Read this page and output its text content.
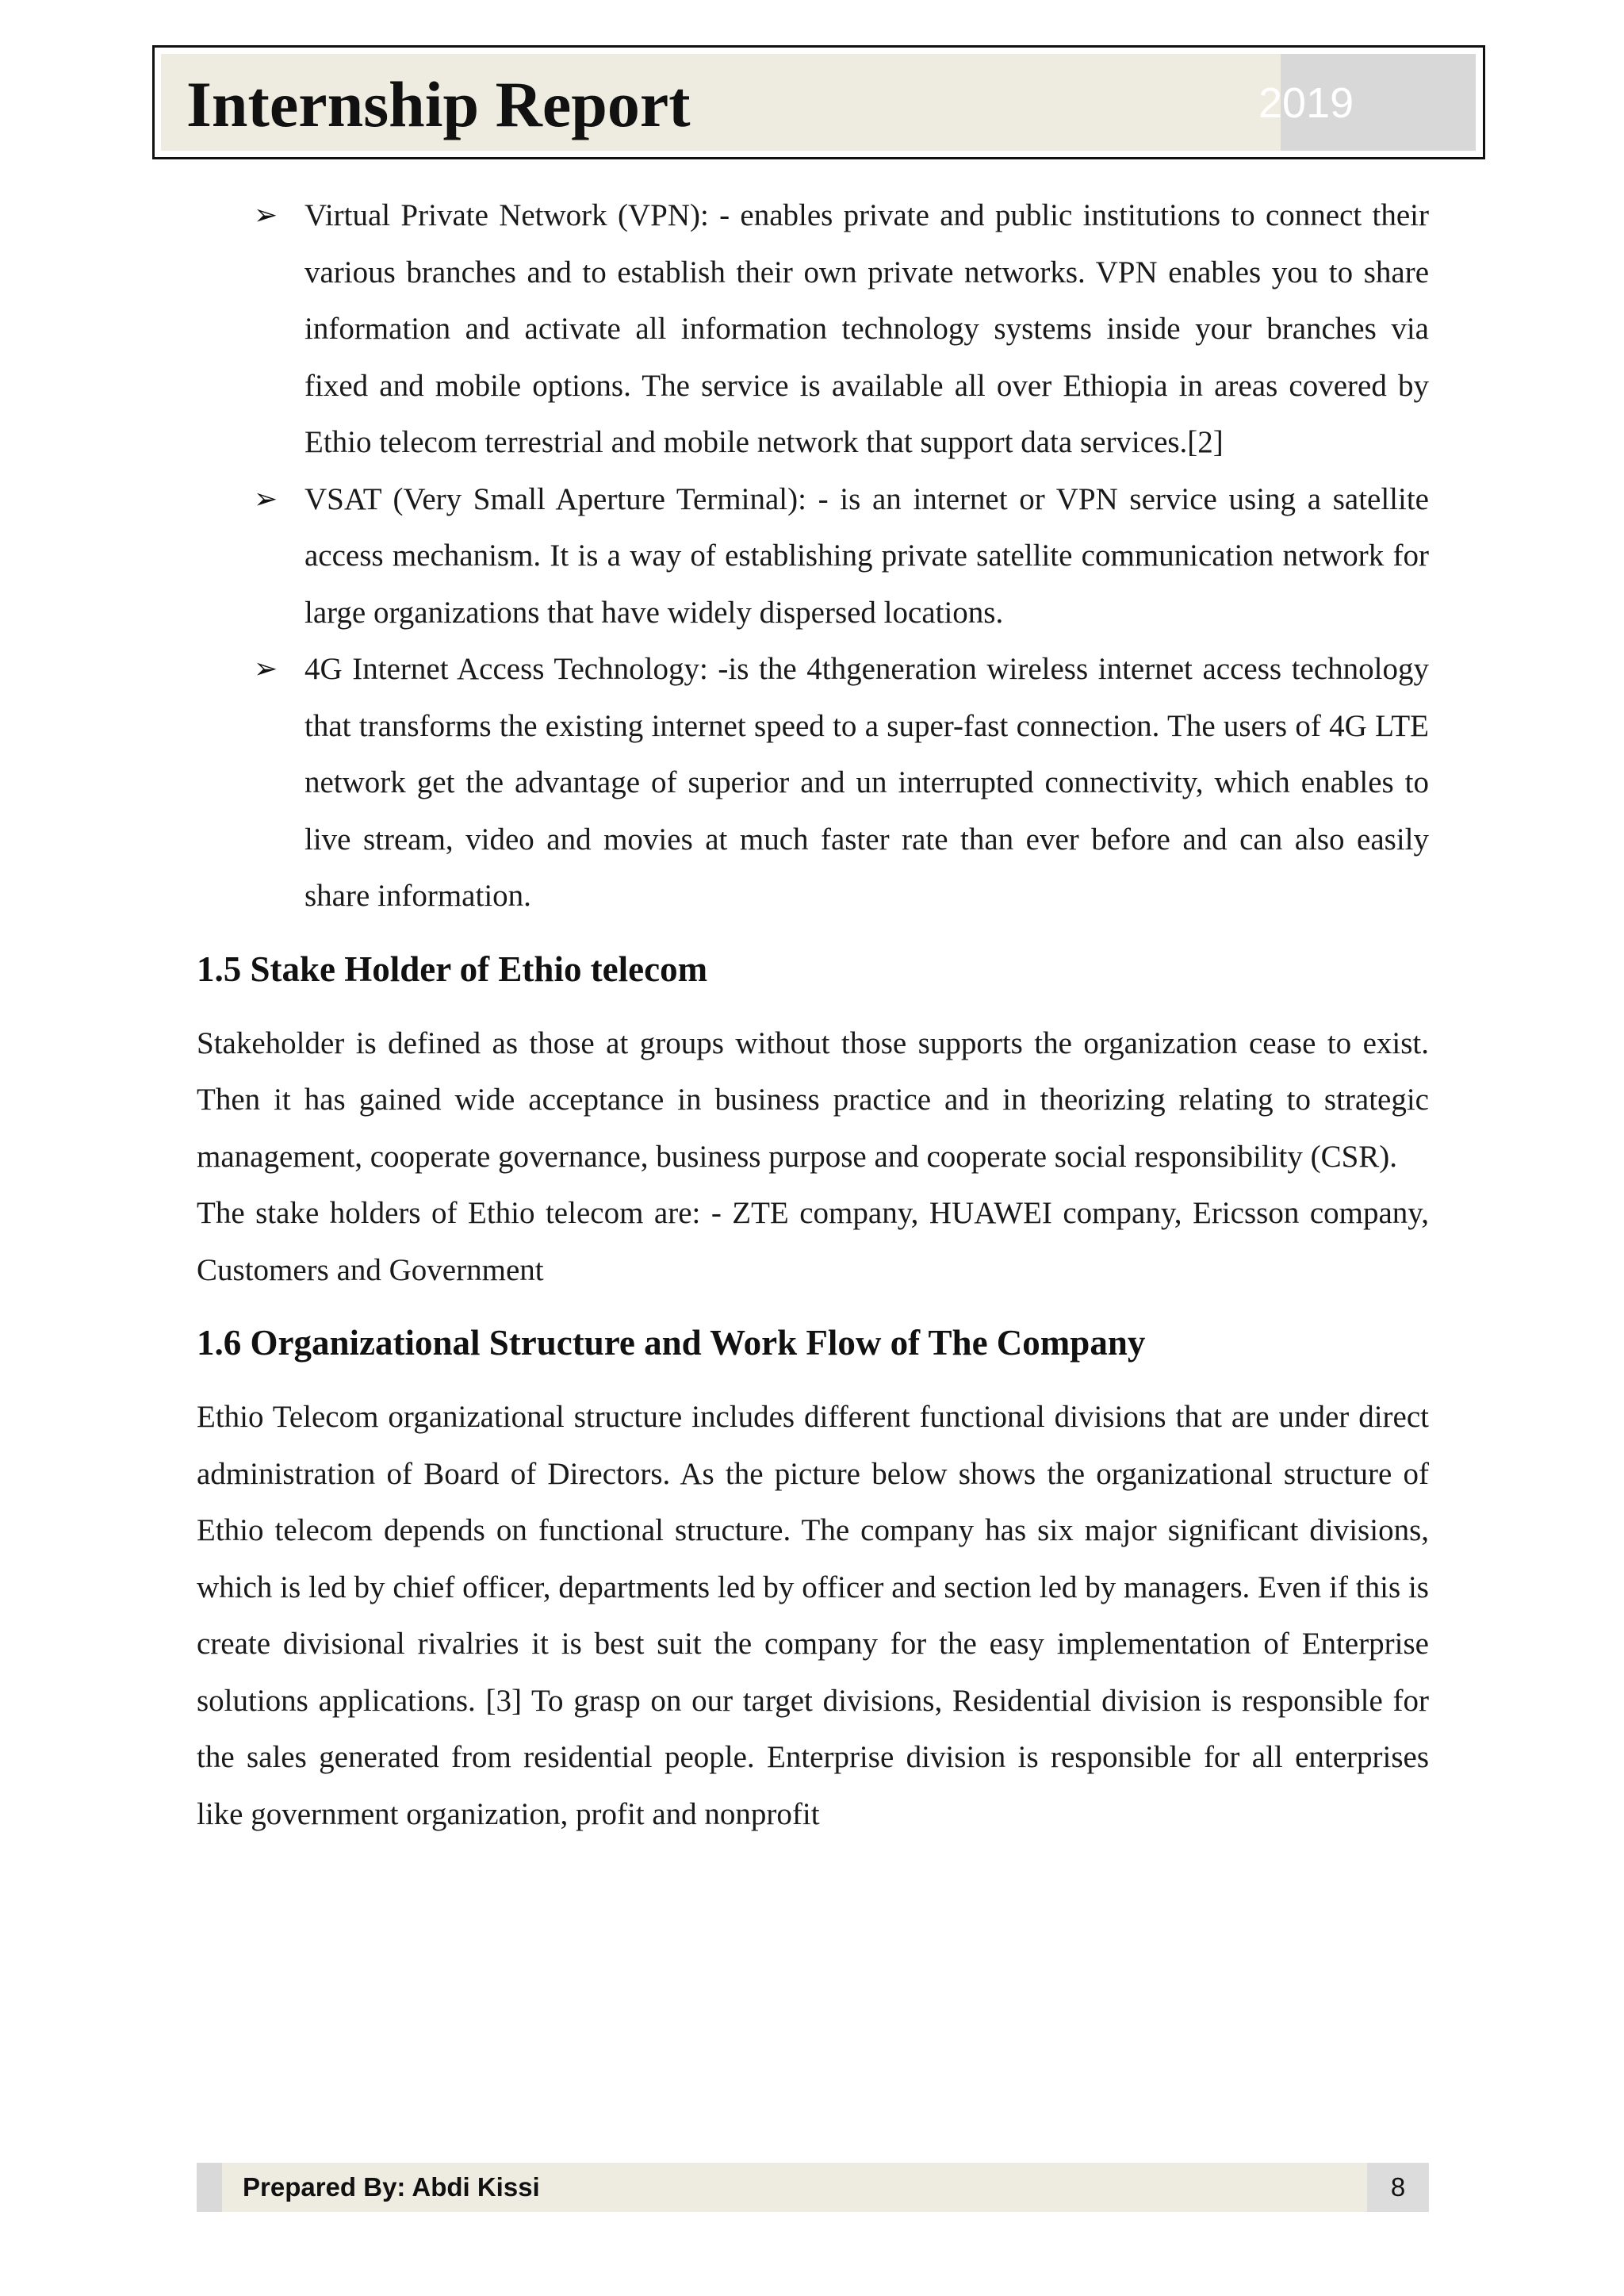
Internship Report	2019
➢ Virtual Private Network (VPN): - enables private and public institutions to connect their various branches and to establish their own private networks. VPN enables you to share information and activate all information technology systems inside your branches via fixed and mobile options. The service is available all over Ethiopia in areas covered by Ethio telecom terrestrial and mobile network that support data services.[2]
➢ VSAT (Very Small Aperture Terminal): - is an internet or VPN service using a satellite access mechanism. It is a way of establishing private satellite communication network for large organizations that have widely dispersed locations.
➢ 4G Internet Access Technology: -is the 4thgeneration wireless internet access technology that transforms the existing internet speed to a super-fast connection. The users of 4G LTE network get the advantage of superior and un interrupted connectivity, which enables to live stream, video and movies at much faster rate than ever before and can also easily share information.
1.5 Stake Holder of Ethio telecom

Stakeholder is defined as those at groups without those supports the organization cease to exist. Then it has gained wide acceptance in business practice and in theorizing relating to strategic management, cooperate governance, business purpose and cooperate social responsibility (CSR).

The stake holders of Ethio telecom are: - ZTE company, HUAWEI company, Ericsson company, Customers and Government

1.6 Organizational Structure and Work Flow of The Company

Ethio Telecom organizational structure includes different functional divisions that are under direct administration of Board of Directors. As the picture below shows the organizational structure of Ethio telecom depends on functional structure. The company has six major significant divisions, which is led by chief officer, departments led by officer and section led by managers. Even if this is create divisional rivalries it is best suit the company for the easy implementation of Enterprise solutions applications. [3] To grasp on our target divisions, Residential division is responsible for the sales generated from residential people. Enterprise division is responsible for all enterprises like government organization, profit and nonprofit

Prepared By: Abdi Kissi	8
